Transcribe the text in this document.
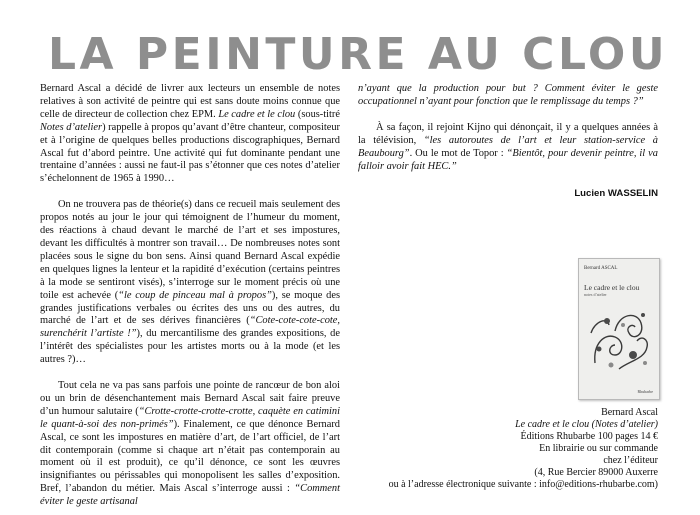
LA PEINTURE AU CLOU

Bernard Ascal a décidé de livrer aux lecteurs un ensemble de notes relatives à son activité de peintre qui est sans doute moins connue que celle de directeur de collection chez EPM. Le cadre et le clou (sous-titré Notes d’atelier) rappelle à propos qu’avant d’être chanteur, compositeur et à l’origine de quelques belles productions discographiques, Bernard Ascal fut d’abord peintre. Une activité qui fut dominante pendant une trentaine d’années : aussi ne faut-il pas s’étonner que ces notes d’atelier s’échelonnent de 1965 à 1990…

On ne trouvera pas de théorie(s) dans ce recueil mais seulement des propos notés au jour le jour qui témoignent de l’humeur du moment, des réactions à chaud devant le marché de l’art et ses impostures, devant les difficultés à montrer son travail… De nombreuses notes sont placées sous le signe du bon sens. Ainsi quand Bernard Ascal expédie en quelques lignes la lenteur et la rapidité d’exécution (certains peintres à la mode se sentiront visés), s’interroge sur le moment précis où une toile est achevée (“le coup de pinceau mal à propos”), se moque des grandes justifications verbales ou écrites des uns ou des autres, du marché de l’art et de ses dérives financières (“Cote-cote-cote-cote, surenchérit l’artiste !”), du mercantilisme des grandes expositions, de l’intérêt des spécialistes pour les artistes morts ou à la mode (et les autres ?)…

Tout cela ne va pas sans parfois une pointe de rancœur de bon aloi ou un brin de désenchantement mais Bernard Ascal sait faire preuve d’un humour salutaire (“Crotte-crotte-crotte-crotte, caquète en catimini le quant-à-soi des non-primés”). Finalement, ce que dénonce Bernard Ascal, ce sont les impostures en matière d’art, de l’art officiel, de l’art dit contemporain (comme si chaque art n’était pas contemporain au moment où il est produit), ce qu’il dénonce, ce sont les œuvres insignifiantes ou périssables qui monopolisent les salles d’exposition. Bref, l’abandon du métier. Mais Ascal s’interroge aussi : “Comment éviter le geste artisanal

n’ayant que la production pour but ? Comment éviter le geste occupationnel n’ayant pour fonction que le remplissage du temps ?”

À sa façon, il rejoint Kijno qui dénonçait, il y a quelques années à la télévision, “les autoroutes de l’art et leur station-service à Beaubourg”. Ou le mot de Topor : “Bientôt, pour devenir peintre, il va falloir avoir fait HEC.”

Lucien WASSELIN
Bernard ASCAL
Le cadre et le clou
notes d’atelier
Rhubarbe
Bernard Ascal
Le cadre et le clou (Notes d’atelier)
Éditions Rhubarbe 100 pages 14 €
En librairie ou sur commande
chez l’éditeur
(4, Rue Bercier 89000 Auxerre
ou à l’adresse électronique suivante : info@editions-rhubarbe.com)
